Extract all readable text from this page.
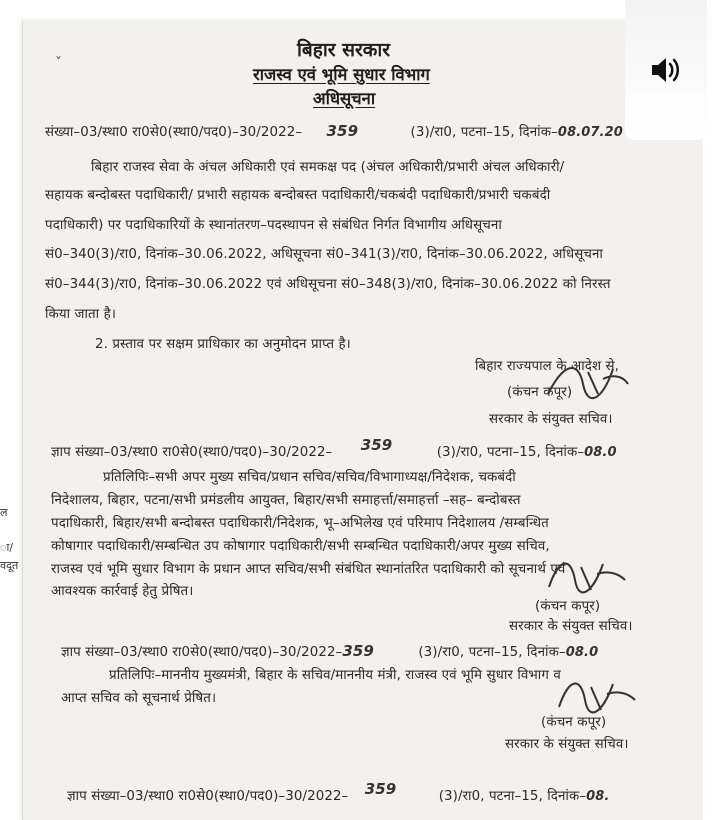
ल
ा/
वदूत
ˇ
बिहार सरकार
राजस्व एवं भूमि सुधार विभाग
अधिसूचना
संख्या–03/स्था0 रा0से0(स्था0/पद0)–30/2022– 359	(3)/रा0, पटना–15, दिनांक–08.07.20
बिहार राजस्व सेवा के अंचल अधिकारी एवं समकक्ष पद (अंचल अधिकारी/प्रभारी अंचल अधिकारी/
सहायक बन्दोबस्त पदाधिकारी/ प्रभारी सहायक बन्दोबस्त पदाधिकारी/चकबंदी पदाधिकारी/प्रभारी चकबंदी
पदाधिकारी) पर पदाधिकारियों के स्थानांतरण–पदस्थापन से संबंधित निर्गत विभागीय अधिसूचना
सं0–340(3)/रा0, दिनांक–30.06.2022, अधिसूचना सं0–341(3)/रा0, दिनांक–30.06.2022, अधिसूचना
सं0–344(3)/रा0, दिनांक–30.06.2022 एवं अधिसूचना सं0–348(3)/रा0, दिनांक–30.06.2022 को निरस्त
किया जाता है।
2. प्रस्ताव पर सक्षम प्राधिकार का अनुमोदन प्राप्त है।
बिहार राज्यपाल के आदेश से,
(कंचन कपूर)
सरकार के संयुक्त सचिव।
ज्ञाप संख्या–03/स्था0 रा0से0(स्था0/पद0)–30/2022– 359	(3)/रा0, पटना–15, दिनांक–08.0
प्रतिलिपिः–सभी अपर मुख्य सचिव/प्रधान सचिव/सचिव/विभागाध्यक्ष/निदेशक, चकबंदी
निदेशालय, बिहार, पटना/सभी प्रमंडलीय आयुक्त, बिहार/सभी समाहर्त्ता/समाहर्त्ता –सह– बन्दोबस्त
पदाधिकारी, बिहार/सभी बन्दोबस्त पदाधिकारी/निदेशक, भू–अभिलेख एवं परिमाप निदेशालय /सम्बन्धित
कोषागार पदाधिकारी/सम्बन्धित उप कोषागार पदाधिकारी/सभी सम्बन्धित पदाधिकारी/अपर मुख्य सचिव,
राजस्व एवं भूमि सुधार विभाग के प्रधान आप्त सचिव/सभी संबंधित स्थानांतरित पदाधिकारी को सूचनार्थ एवं
आवश्यक कार्रवाई हेतु प्रेषित।
(कंचन कपूर)
सरकार के संयुक्त सचिव।
ज्ञाप संख्या–03/स्था0 रा0से0(स्था0/पद0)–30/2022–359	(3)/रा0, पटना–15, दिनांक–08.0
प्रतिलिपिः–माननीय मुख्यमंत्री, बिहार के सचिव/माननीय मंत्री, राजस्व एवं भूमि सुधार विभाग व
आप्त सचिव को सूचनार्थ प्रेषित।
(कंचन कपूर)
सरकार के संयुक्त सचिव।
ज्ञाप संख्या–03/स्था0 रा0से0(स्था0/पद0)–30/2022– 359	(3)/रा0, पटना–15, दिनांक–08.
